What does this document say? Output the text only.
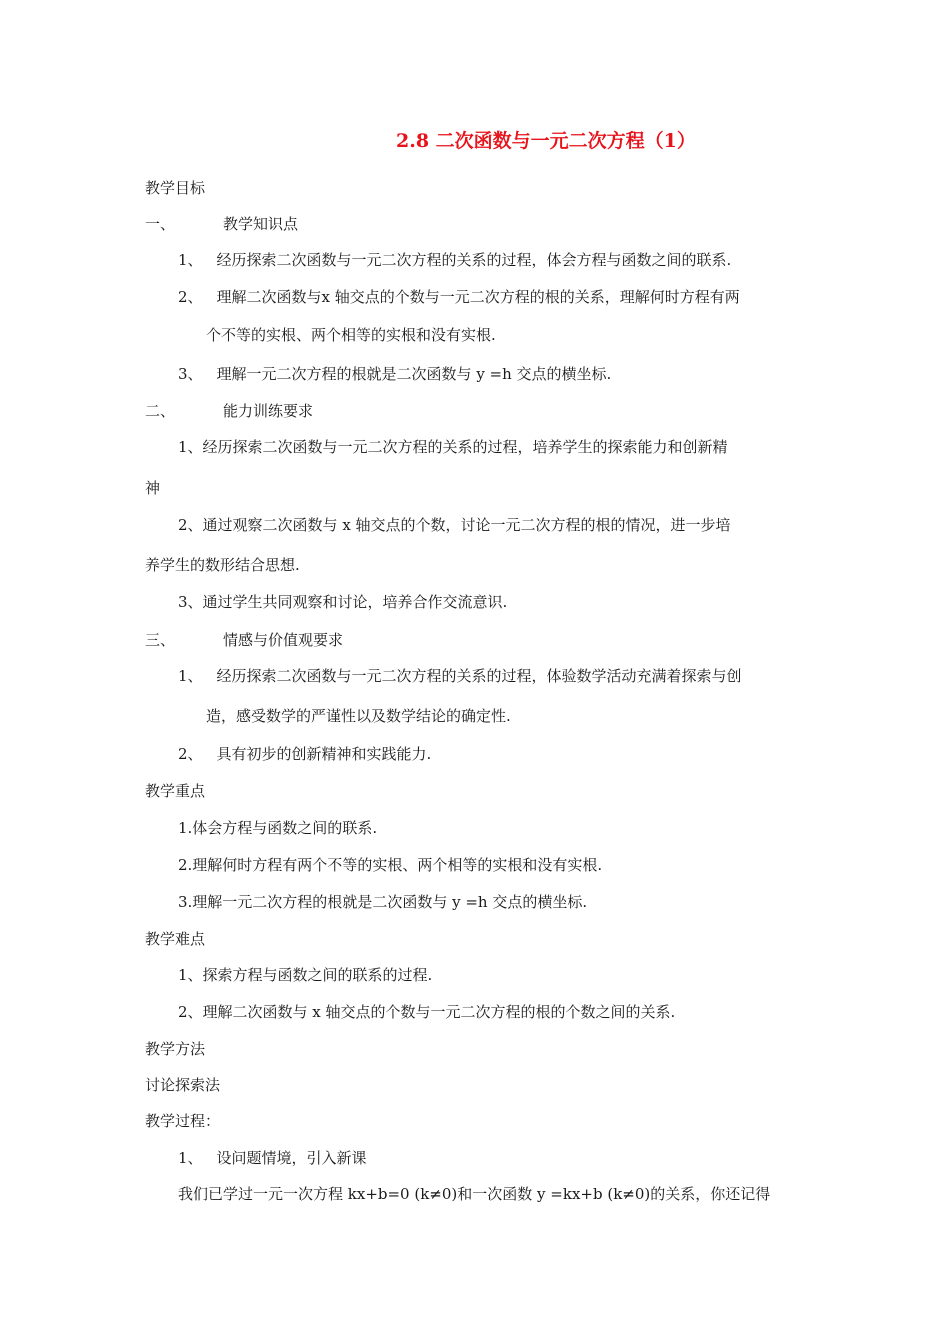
2.8 二次函数与一元二次方程（1）
教学目标
一、	教学知识点
1、 经历探索二次函数与一元二次方程的关系的过程，体会方程与函数之间的联系.
2、 理解二次函数与x 轴交点的个数与一元二次方程的根的关系，理解何时方程有两
个不等的实根、两个相等的实根和没有实根.
3、 理解一元二次方程的根就是二次函数与 y =h 交点的横坐标.
二、	能力训练要求
1、经历探索二次函数与一元二次方程的关系的过程，培养学生的探索能力和创新精
神
2、通过观察二次函数与 x 轴交点的个数，讨论一元二次方程的根的情况，进一步培
养学生的数形结合思想.
3、通过学生共同观察和讨论，培养合作交流意识.
三、	情感与价值观要求
1、 经历探索二次函数与一元二次方程的关系的过程，体验数学活动充满着探索与创
造，感受数学的严谨性以及数学结论的确定性.
2、 具有初步的创新精神和实践能力.
教学重点
1.体会方程与函数之间的联系.
2.理解何时方程有两个不等的实根、两个相等的实根和没有实根.
3.理解一元二次方程的根就是二次函数与 y =h 交点的横坐标.
教学难点
1、探索方程与函数之间的联系的过程.
2、理解二次函数与 x 轴交点的个数与一元二次方程的根的个数之间的关系.
教学方法
讨论探索法
教学过程：
1、 设问题情境，引入新课
我们已学过一元一次方程 kx+b=0 (k≠0)和一次函数 y =kx+b (k≠0)的关系，你还记得
